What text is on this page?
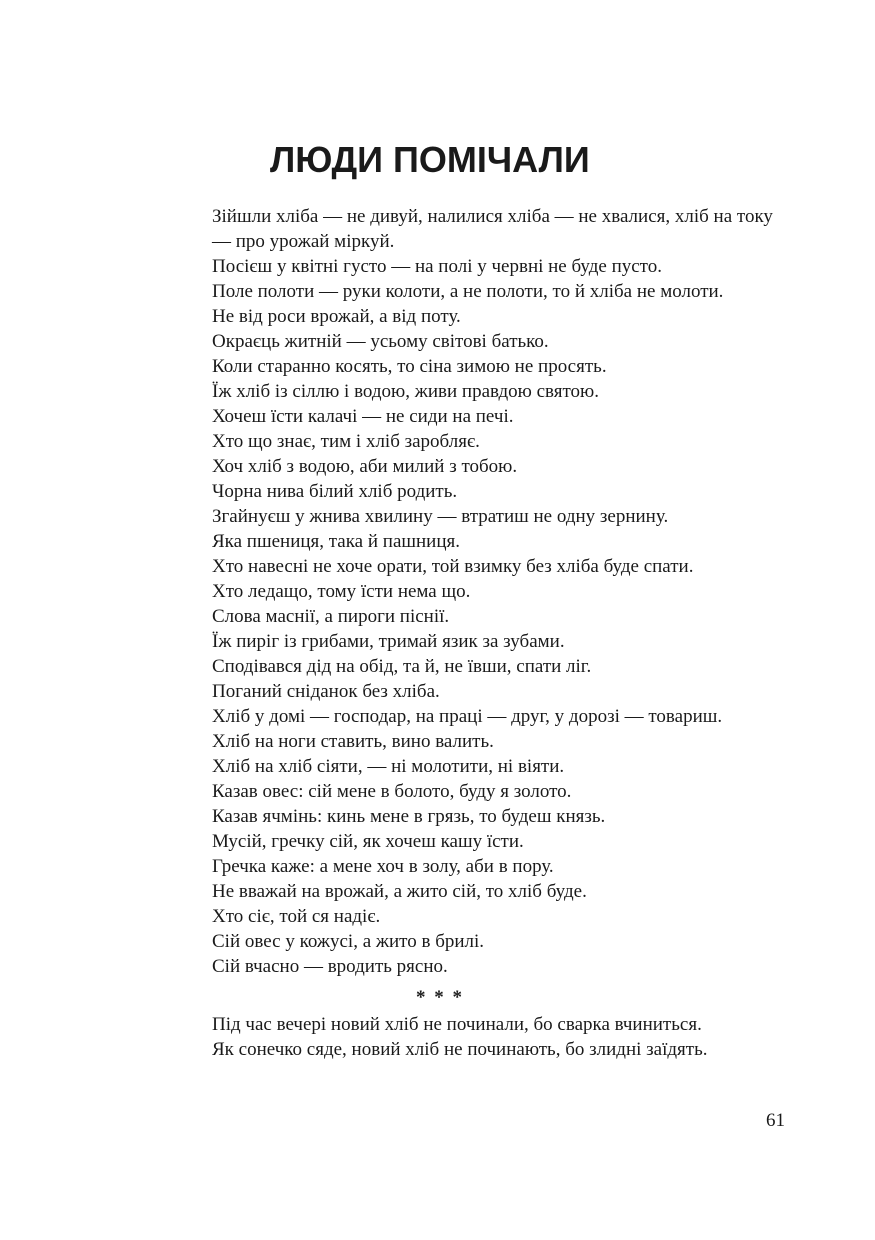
ЛЮДИ ПОМІЧАЛИ
Зійшли хліба — не дивуй, налилися хліба — не хвалися, хліб на току — про урожай міркуй.
Посієш у квітні густо — на полі у червні не буде пусто.
Поле полоти — руки колоти, а не полоти, то й хліба не молоти.
Не від роси врожай, а від поту.
Окраєць житній — усьому світові батько.
Коли старанно косять, то сіна зимою не просять.
Їж хліб із сіллю і водою, живи правдою святою.
Хочеш їсти калачі — не сиди на печі.
Хто що знає, тим і хліб заробляє.
Хоч хліб з водою, аби милий з тобою.
Чорна нива білий хліб родить.
Згайнуєш у жнива хвилину — втратиш не одну зернину.
Яка пшениця, така й пашниця.
Хто навесні не хоче орати, той взимку без хліба буде спати.
Хто ледащо, тому їсти нема що.
Слова маснії, а пироги піснії.
Їж пиріг із грибами, тримай язик за зубами.
Сподівався дід на обід, та й, не ївши, спати ліг.
Поганий сніданок без хліба.
Хліб у домі — господар, на праці — друг, у дорозі — товариш.
Хліб на ноги ставить, вино валить.
Хліб на хліб сіяти, — ні молотити, ні віяти.
Казав овес: сій мене в болото, буду я золото.
Казав ячмінь: кинь мене в грязь, то будеш князь.
Мусій, гречку сій, як хочеш кашу їсти.
Гречка каже: а мене хоч в золу, аби в пору.
Не вважай на врожай, а жито сій, то хліб буде.
Хто сіє, той ся надіє.
Сій овес у кожусі, а жито в брилі.
Сій вчасно — вродить рясно.
* * *
Під час вечері новий хліб не починали, бо сварка вчиниться.
Як сонечко сяде, новий хліб не починають, бо злидні заїдять.
61
